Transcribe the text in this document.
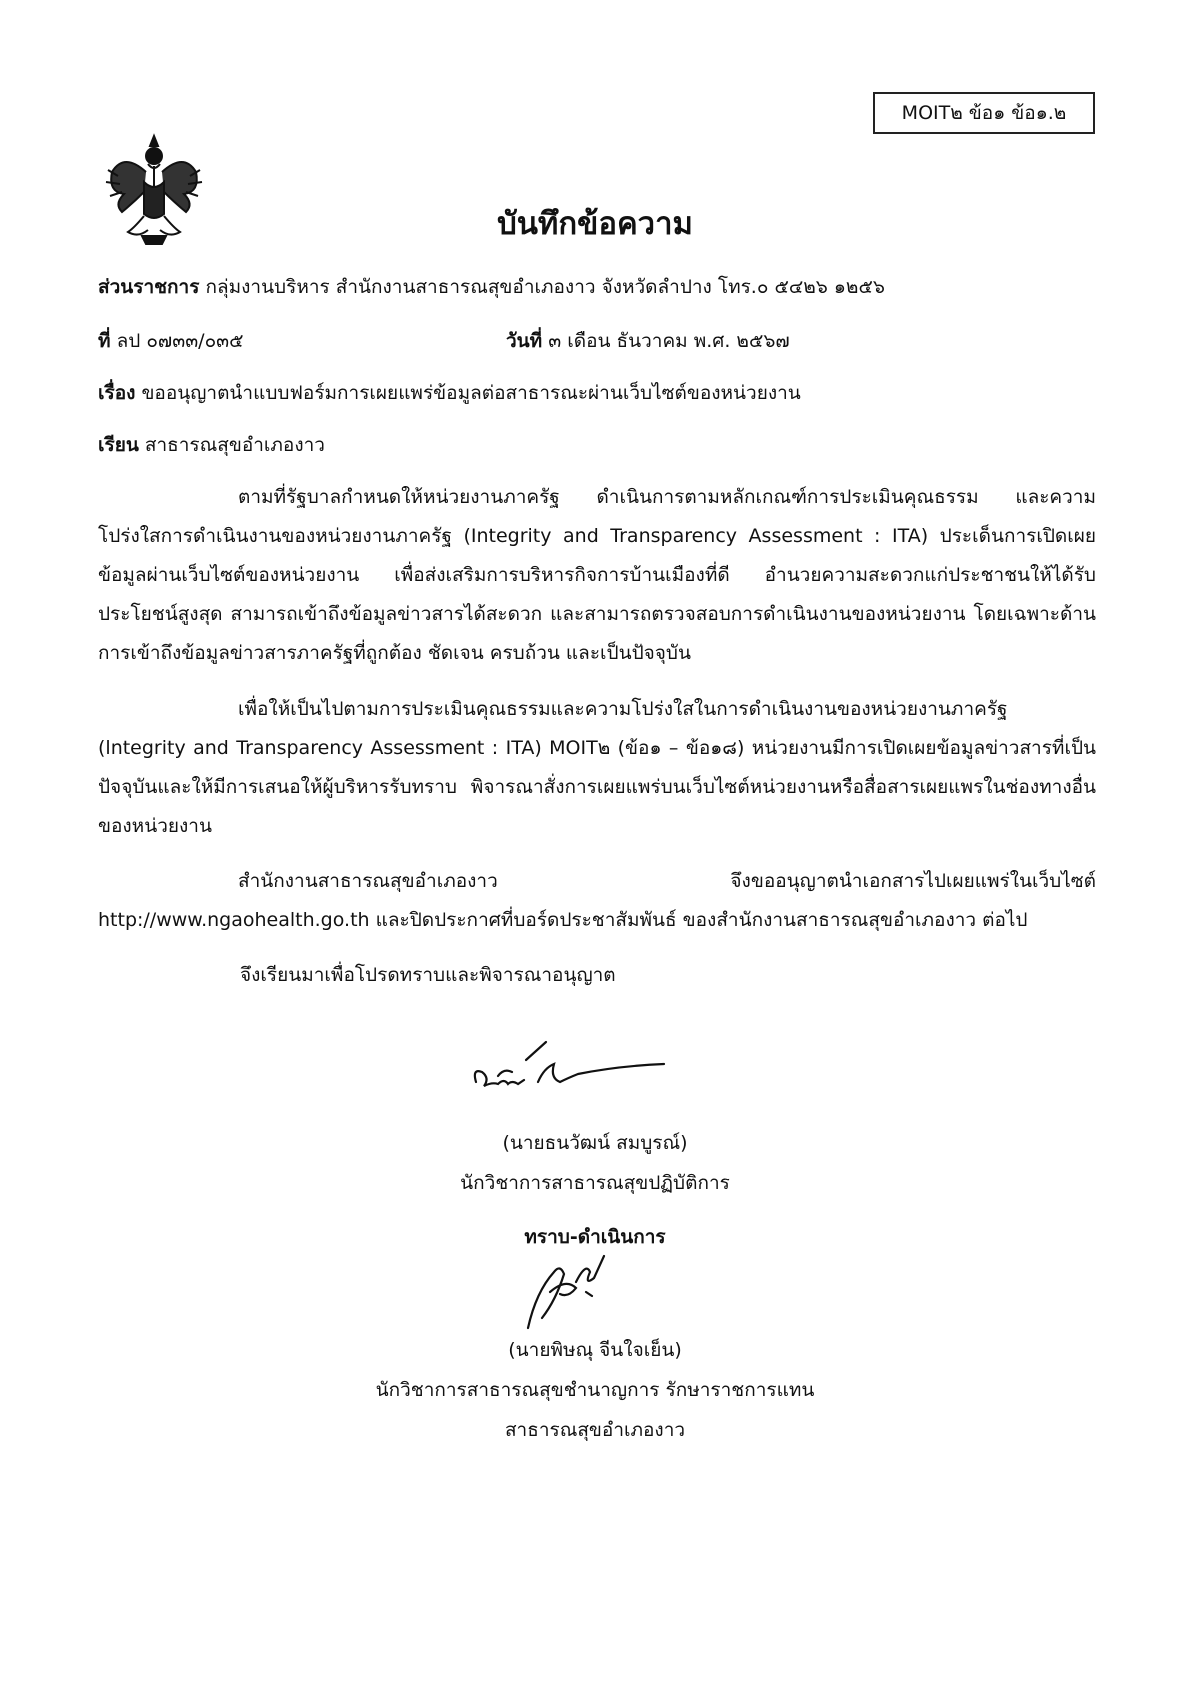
MOIT๒ ข้อ๑ ข้อ๑.๒
บันทึกข้อความ
ส่วนราชการ กลุ่มงานบริหาร สำนักงานสาธารณสุขอำเภองาว จังหวัดลำปาง โทร.๐ ๕๔๒๖ ๑๒๕๖
ที่ ลป ๐๗๓๓/๐๓๕	วันที่ ๓ เดือน ธันวาคม พ.ศ. ๒๕๖๗
เรื่อง ขออนุญาตนำแบบฟอร์มการเผยแพร่ข้อมูลต่อสาธารณะผ่านเว็บไซต์ของหน่วยงาน
เรียน สาธารณสุขอำเภองาว
ตามที่รัฐบาลกำหนดให้หน่วยงานภาครัฐ ดำเนินการตามหลักเกณฑ์การประเมินคุณธรรม และความโปร่งใสการดำเนินงานของหน่วยงานภาครัฐ (Integrity and Transparency Assessment : ITA) ประเด็นการเปิดเผยข้อมูลผ่านเว็บไซต์ของหน่วยงาน เพื่อส่งเสริมการบริหารกิจการบ้านเมืองที่ดี อำนวยความสะดวกแก่ประชาชนให้ได้รับประโยชน์สูงสุด สามารถเข้าถึงข้อมูลข่าวสารได้สะดวก และสามารถตรวจสอบการดำเนินงานของหน่วยงาน โดยเฉพาะด้านการเข้าถึงข้อมูลข่าวสารภาครัฐที่ถูกต้อง ชัดเจน ครบถ้วน และเป็นปัจจุบัน
เพื่อให้เป็นไปตามการประเมินคุณธรรมและความโปร่งใสในการดำเนินงานของหน่วยงานภาครัฐ (lntegrity and Transparency Assessment : ITA) MOIT๒ (ข้อ๑ – ข้อ๑๘) หน่วยงานมีการเปิดเผยข้อมูลข่าวสารที่เป็นปัจจุบันและให้มีการเสนอให้ผู้บริหารรับทราบ พิจารณาสั่งการเผยแพร่บนเว็บไซต์หน่วยงานหรือสื่อสารเผยแพรในช่องทางอื่นของหน่วยงาน
สำนักงานสาธารณสุขอำเภองาว จึงขออนุญาตนำเอกสารไปเผยแพร่ในเว็บไซต์ http://www.ngaohealth.go.th และปิดประกาศที่บอร์ดประชาสัมพันธ์ ของสำนักงานสาธารณสุขอำเภองาว ต่อไป
จึงเรียนมาเพื่อโปรดทราบและพิจารณาอนุญาต
(นายธนวัฒน์ สมบูรณ์)
นักวิชาการสาธารณสุขปฏิบัติการ
ทราบ-ดำเนินการ
(นายพิษณุ จีนใจเย็น)
นักวิชาการสาธารณสุขชำนาญการ รักษาราชการแทน
สาธารณสุขอำเภองาว
